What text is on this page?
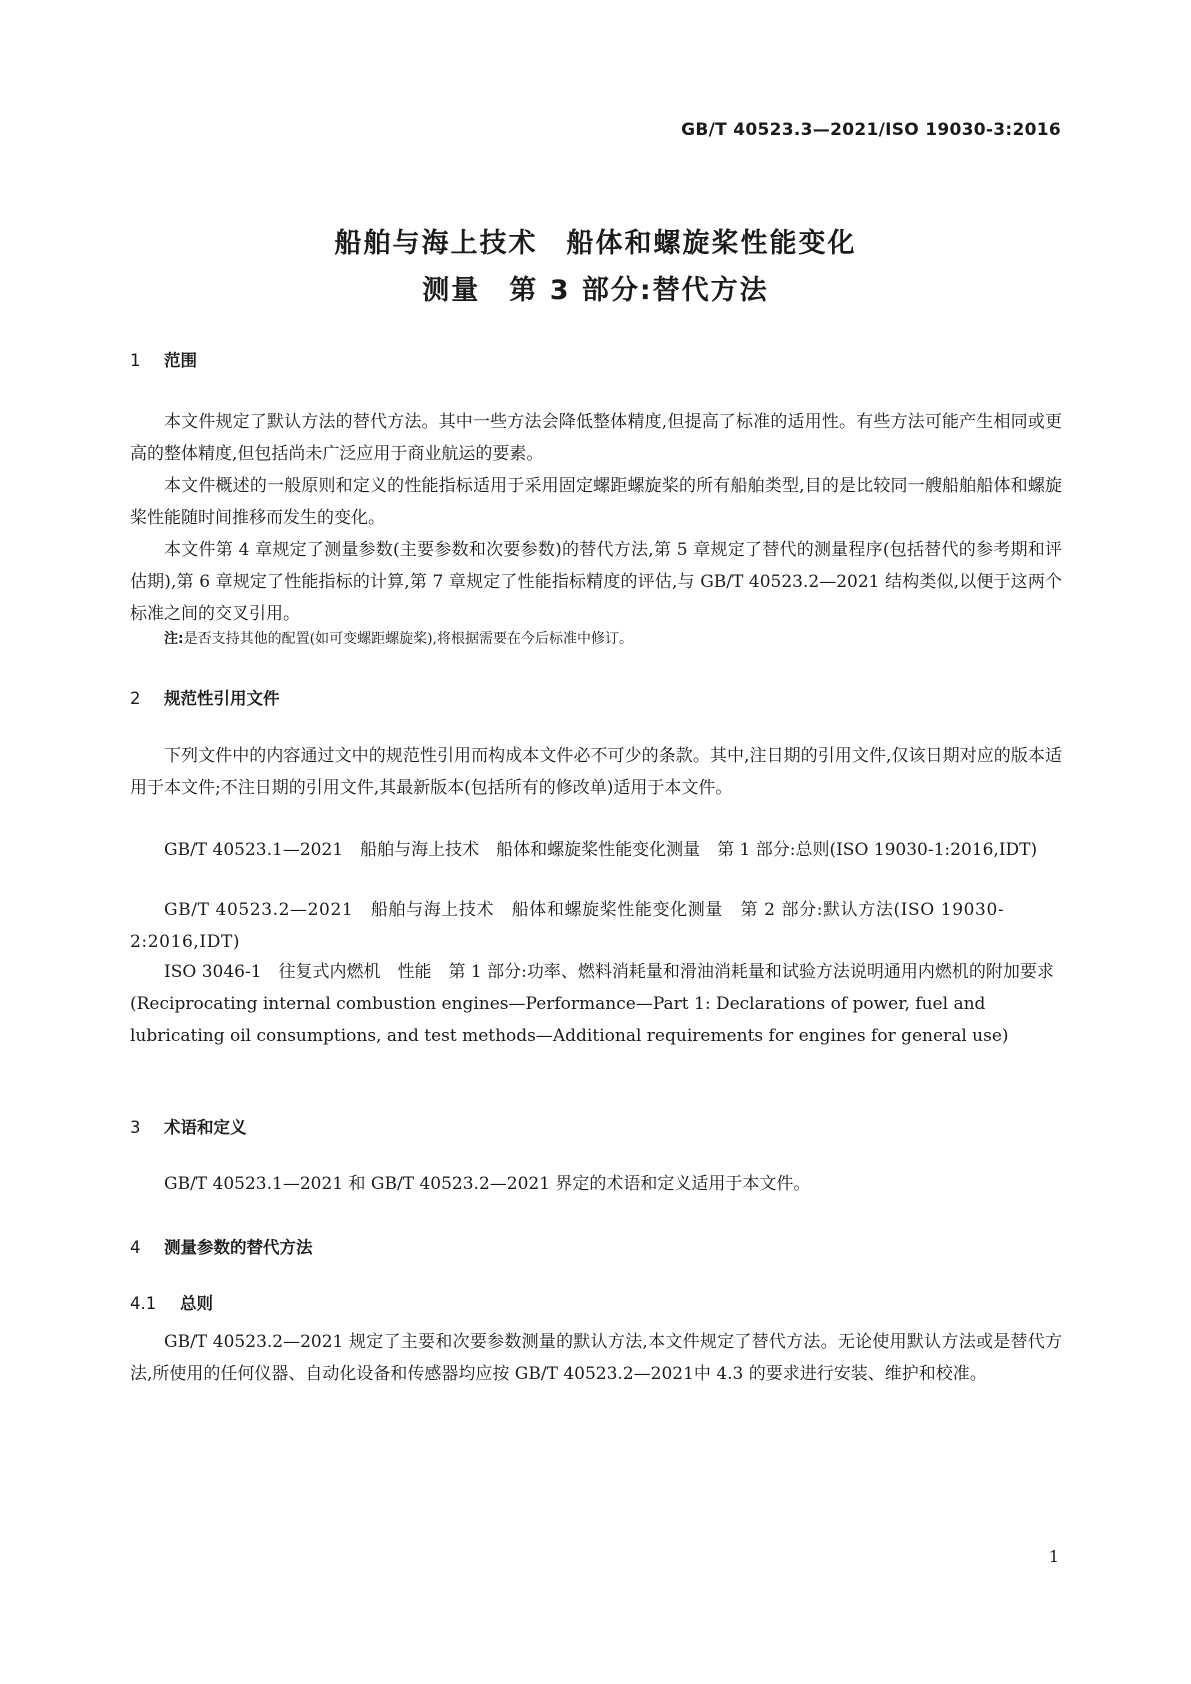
GB/T 40523.3—2021/ISO 19030-3:2016
船舶与海上技术　船体和螺旋桨性能变化
测量　第 3 部分:替代方法
1 范围
本文件规定了默认方法的替代方法。其中一些方法会降低整体精度,但提高了标准的适用性。有些方法可能产生相同或更高的整体精度,但包括尚未广泛应用于商业航运的要素。
本文件概述的一般原则和定义的性能指标适用于采用固定螺距螺旋桨的所有船舶类型,目的是比较同一艘船舶船体和螺旋桨性能随时间推移而发生的变化。
本文件第 4 章规定了测量参数(主要参数和次要参数)的替代方法,第 5 章规定了替代的测量程序(包括替代的参考期和评估期),第 6 章规定了性能指标的计算,第 7 章规定了性能指标精度的评估,与 GB/T 40523.2—2021 结构类似,以便于这两个标准之间的交叉引用。
注:是否支持其他的配置(如可变螺距螺旋桨),将根据需要在今后标准中修订。
2 规范性引用文件
下列文件中的内容通过文中的规范性引用而构成本文件必不可少的条款。其中,注日期的引用文件,仅该日期对应的版本适用于本文件;不注日期的引用文件,其最新版本(包括所有的修改单)适用于本文件。
GB/T 40523.1—2021　船舶与海上技术　船体和螺旋桨性能变化测量　第 1 部分:总则(ISO 19030-1:2016,IDT)
GB/T 40523.2—2021　船舶与海上技术　船体和螺旋桨性能变化测量　第 2 部分:默认方法(ISO 19030-2:2016,IDT)
ISO 3046-1　往复式内燃机　性能　第 1 部分:功率、燃料消耗量和滑油消耗量和试验方法说明通用内燃机的附加要求(Reciprocating internal combustion engines—Performance—Part 1: Declarations of power, fuel and lubricating oil consumptions, and test methods—Additional requirements for engines for general use)
3 术语和定义
GB/T 40523.1—2021 和 GB/T 40523.2—2021 界定的术语和定义适用于本文件。
4 测量参数的替代方法
4.1 总则
GB/T 40523.2—2021 规定了主要和次要参数测量的默认方法,本文件规定了替代方法。无论使用默认方法或是替代方法,所使用的任何仪器、自动化设备和传感器均应按 GB/T 40523.2—2021中 4.3 的要求进行安装、维护和校准。
1
